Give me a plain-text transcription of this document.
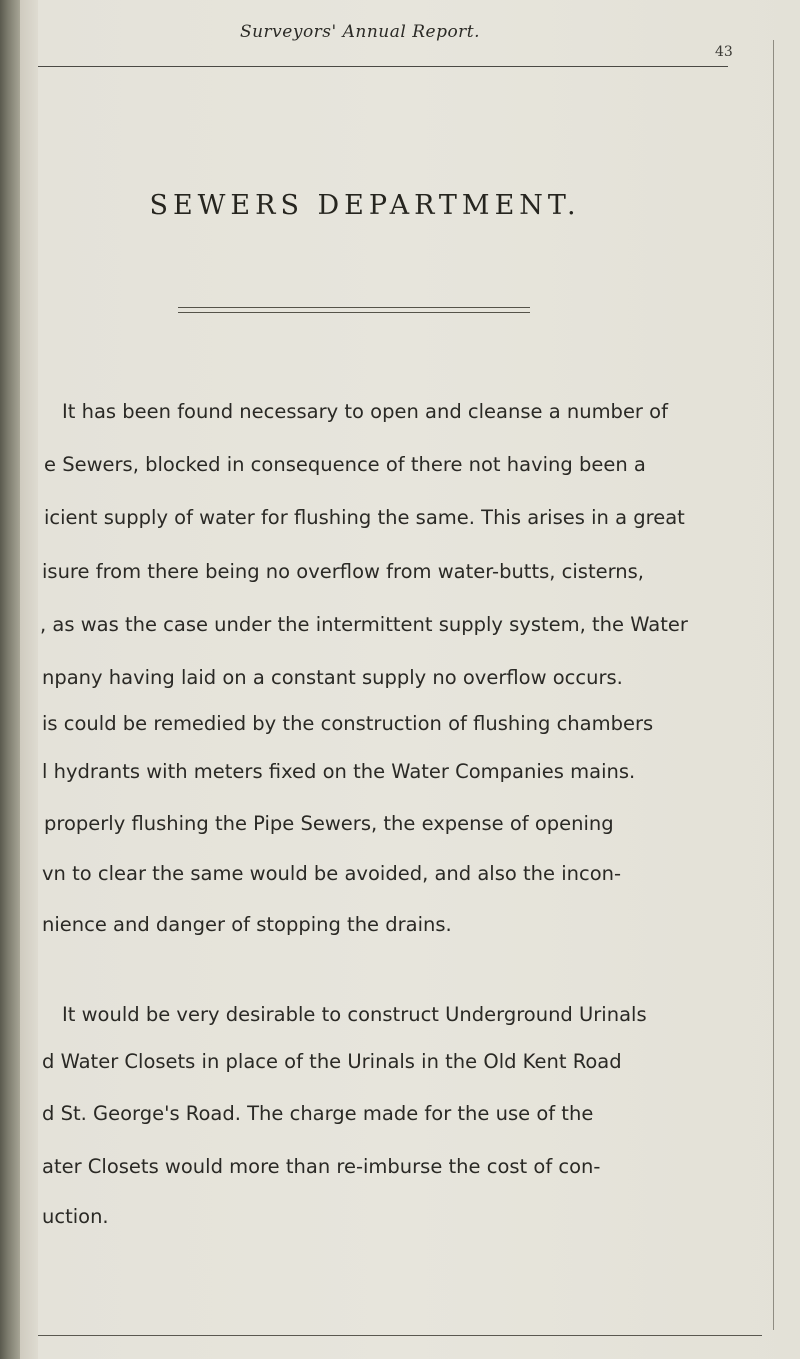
Surveyors' Annual Report.
43
SEWERS DEPARTMENT.
It has been found necessary to open and cleanse a number of
e Sewers, blocked in consequence of there not having been a
icient supply of water for flushing the same. This arises in a great
isure from there being no overflow from water-butts, cisterns,
, as was the case under the intermittent supply system, the Water
npany having laid on a constant supply no overflow occurs.
is could be remedied by the construction of flushing chambers
l hydrants with meters fixed on the Water Companies mains.
properly flushing the Pipe Sewers, the expense of opening
vn to clear the same would be avoided, and also the incon-
nience and danger of stopping the drains.
It would be very desirable to construct Underground Urinals
d Water Closets in place of the Urinals in the Old Kent Road
d St. George's Road. The charge made for the use of the
ater Closets would more than re-imburse the cost of con-
uction.
